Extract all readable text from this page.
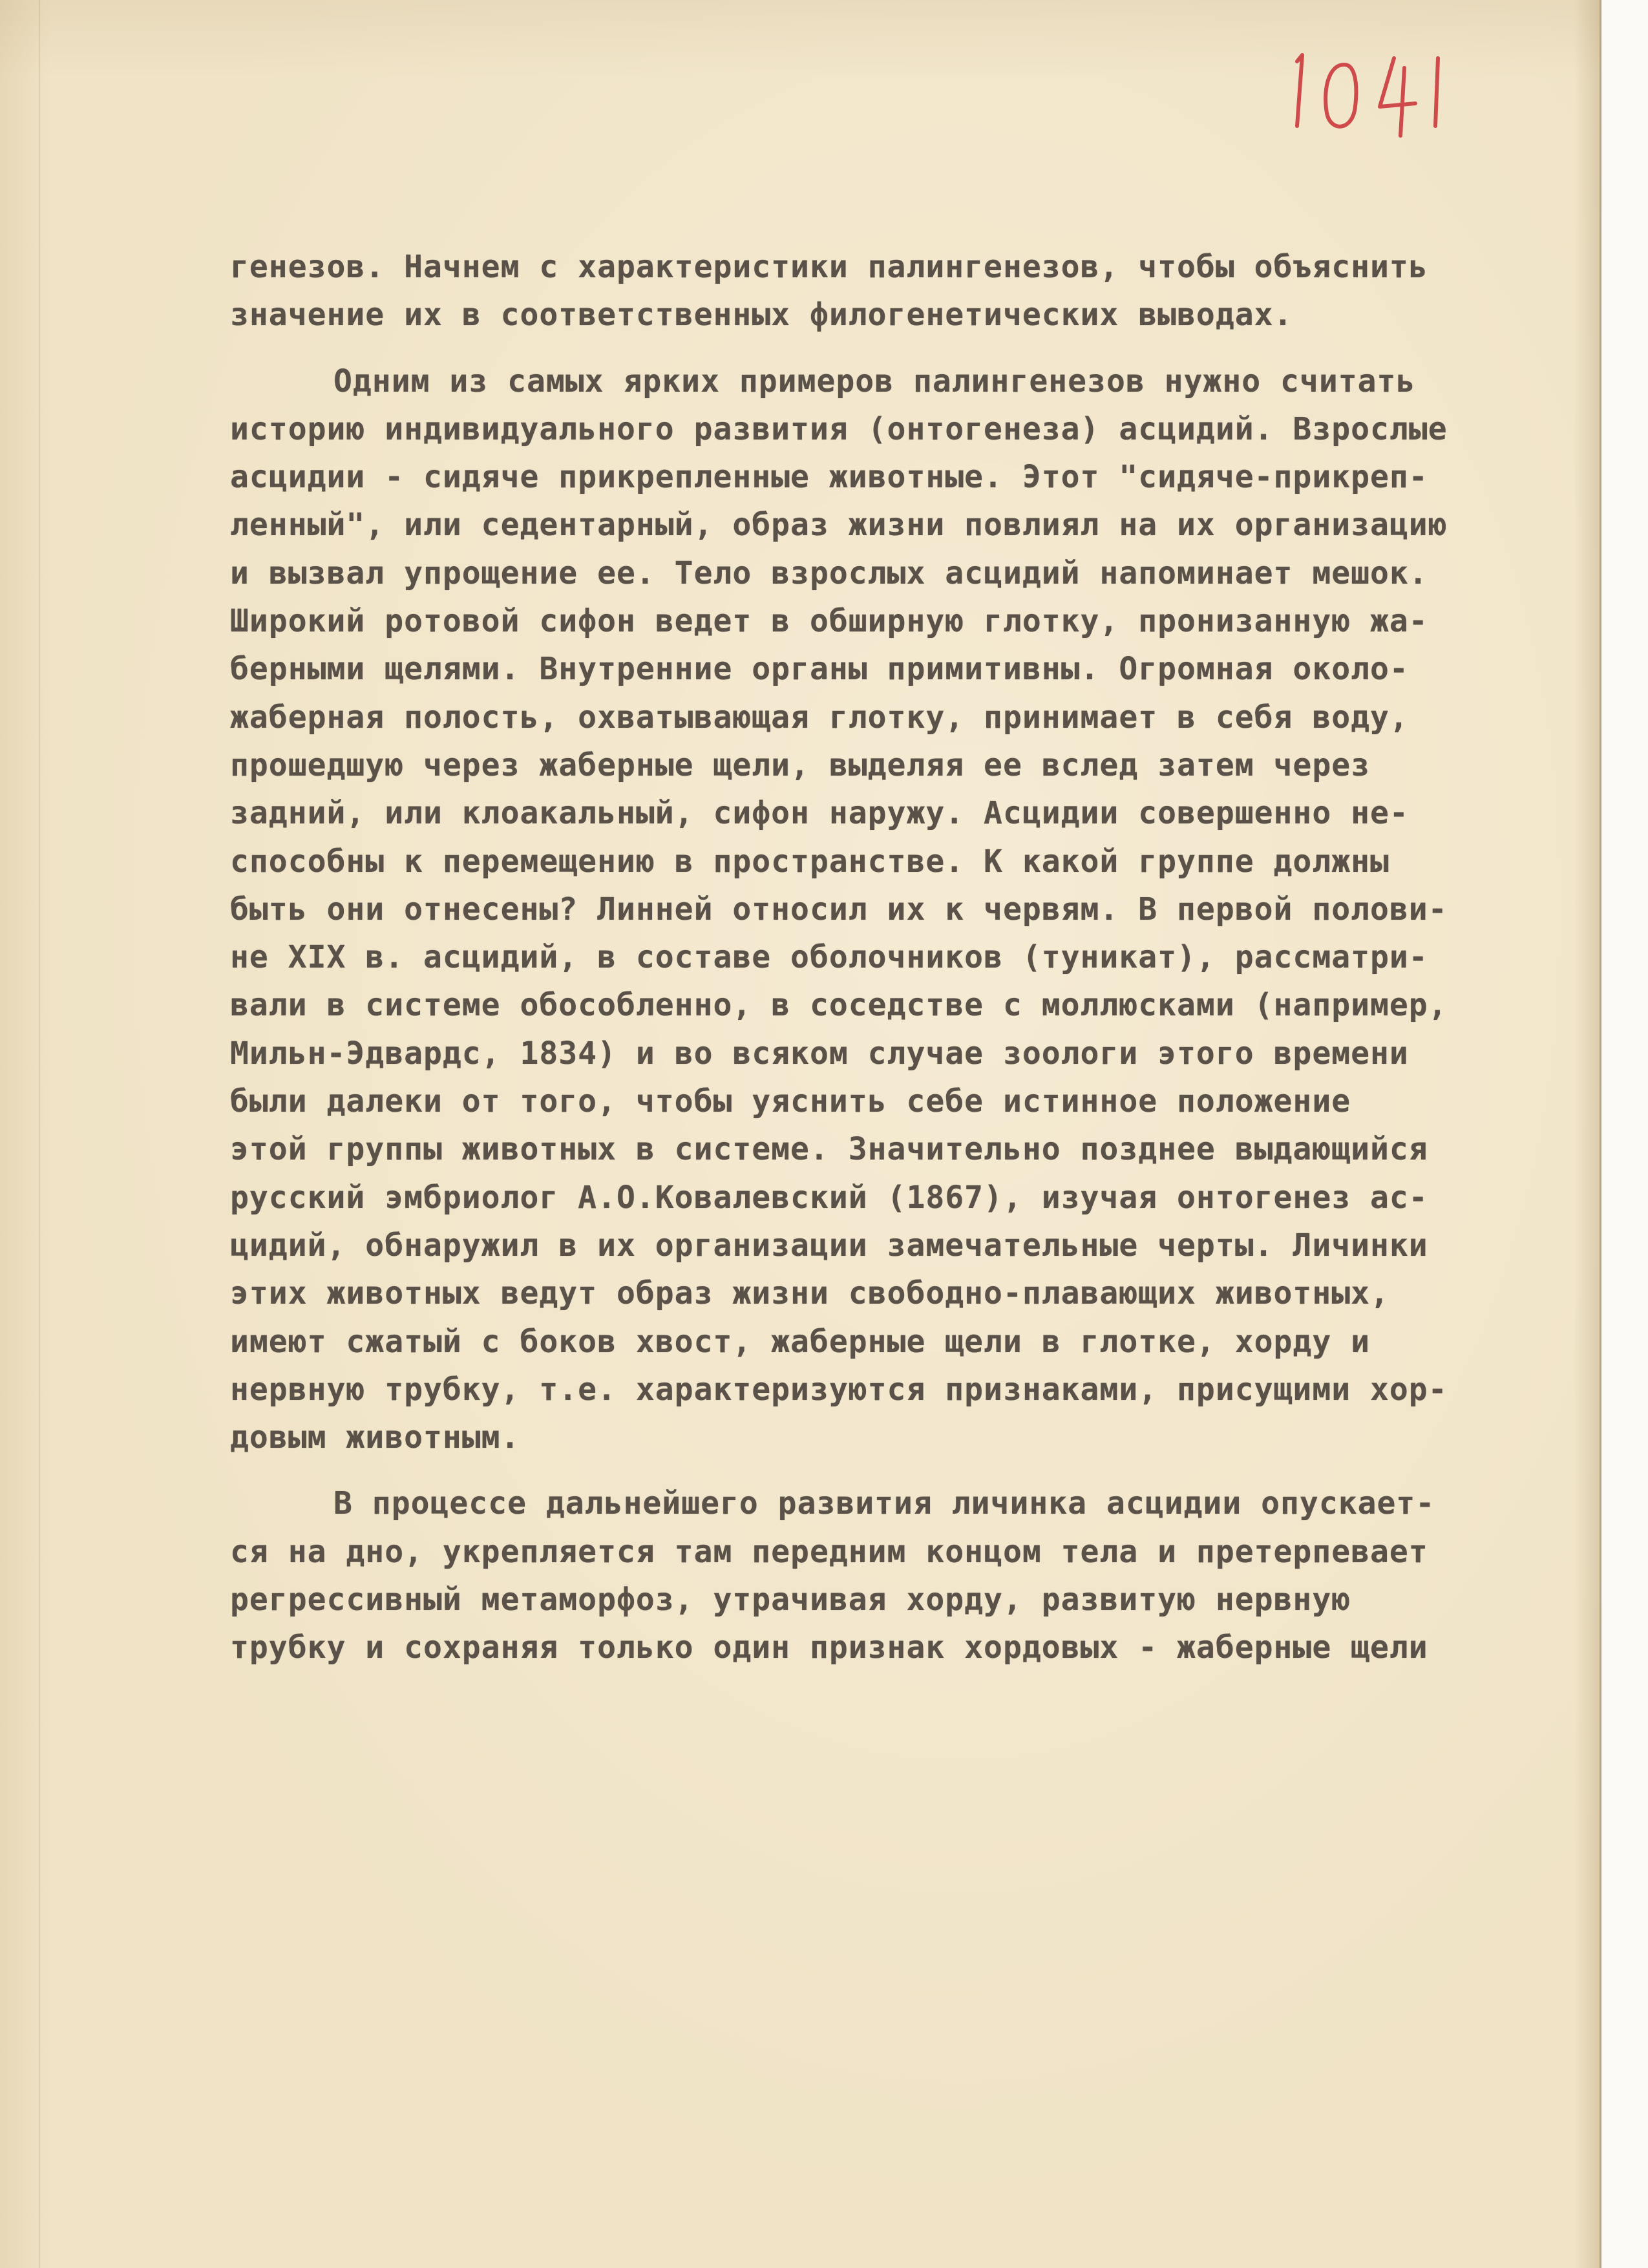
генезов. Начнем с характеристики палингенезов, чтобы объяснить
значение их в соответственных филогенетических выводах.
Одним из самых ярких примеров палингенезов нужно считать
историю индивидуального развития (онтогенеза) асцидий. Взрослые
асцидии - сидяче прикрепленные животные. Этот "сидяче-прикреп-
ленный", или седентарный, образ жизни повлиял на их организацию
и вызвал упрощение ее. Тело взрослых асцидий напоминает мешок.
Широкий ротовой сифон ведет в обширную глотку, пронизанную жа-
берными щелями. Внутренние органы примитивны. Огромная около-
жаберная полость, охватывающая глотку, принимает в себя воду,
прошедшую через жаберные щели, выделяя ее вслед затем через
задний, или клоакальный, сифон наружу. Асцидии совершенно не-
способны к перемещению в пространстве. К какой группе должны
быть они отнесены? Линней относил их к червям. В первой полови-
не XIX в. асцидий, в составе оболочников (туникат), рассматри-
вали в системе обособленно, в соседстве с моллюсками (например,
Мильн-Эдвардс, 1834) и во всяком случае зоологи этого времени
были далеки от того, чтобы уяснить себе истинное положение
этой группы животных в системе. Значительно позднее выдающийся
русский эмбриолог А.О.Ковалевский (1867), изучая онтогенез ас-
цидий, обнаружил в их организации замечательные черты. Личинки
этих животных ведут образ жизни свободно-плавающих животных,
имеют сжатый с боков хвост, жаберные щели в глотке, хорду и
нервную трубку, т.е. характеризуются признаками, присущими хор-
довым животным.
В процессе дальнейшего развития личинка асцидии опускает-
ся на дно, укрепляется там передним концом тела и претерпевает
регрессивный метаморфоз, утрачивая хорду, развитую нервную
трубку и сохраняя только один признак хордовых - жаберные щели
